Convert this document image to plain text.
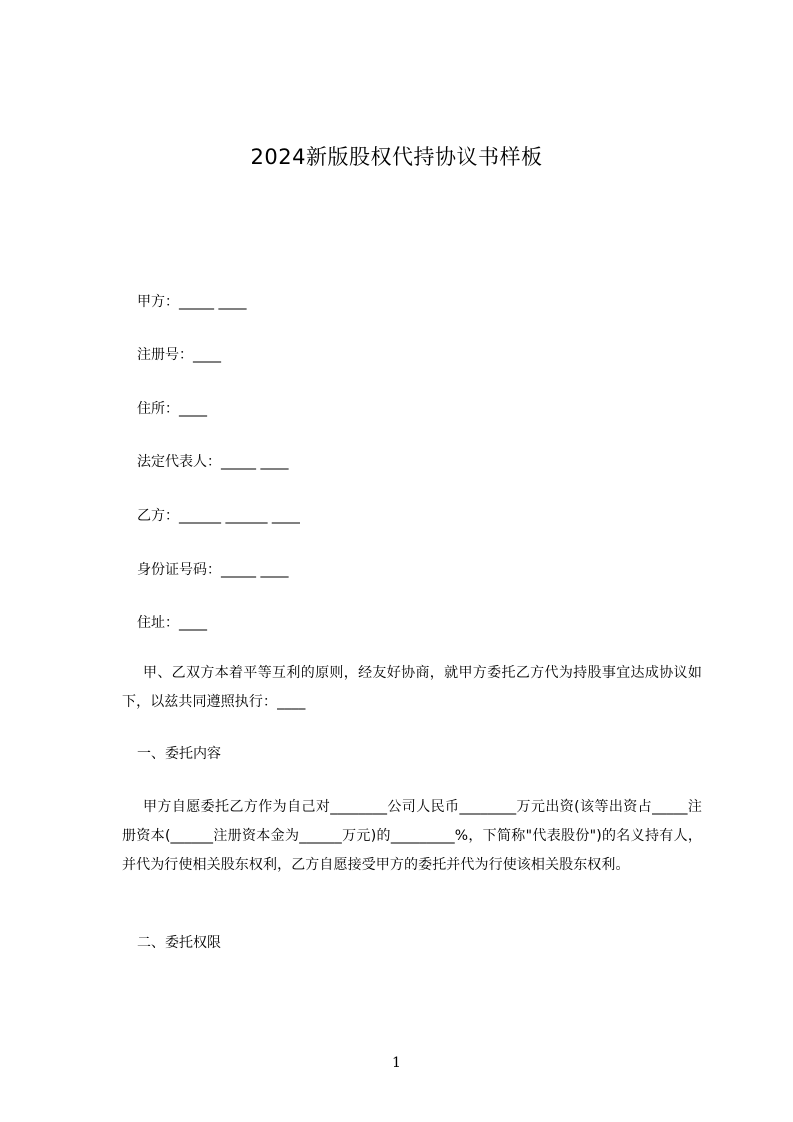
2024新版股权代持协议书样板
甲方：_____ ____
注册号：____
住所：____
法定代表人：_____ ____
乙方：______ ______ ____
身份证号码：_____ ____
住址：____
甲、乙双方本着平等互利的原则，经友好协商，就甲方委托乙方代为持股事宜达成协议如下，以兹共同遵照执行：____
一、委托内容
甲方自愿委托乙方作为自己对________公司人民币________万元出资(该等出资占_____注册资本(______注册资本金为______万元)的_________%，下简称"代表股份")的名义持有人，并代为行使相关股东权利，乙方自愿接受甲方的委托并代为行使该相关股东权利。
二、委托权限
1
